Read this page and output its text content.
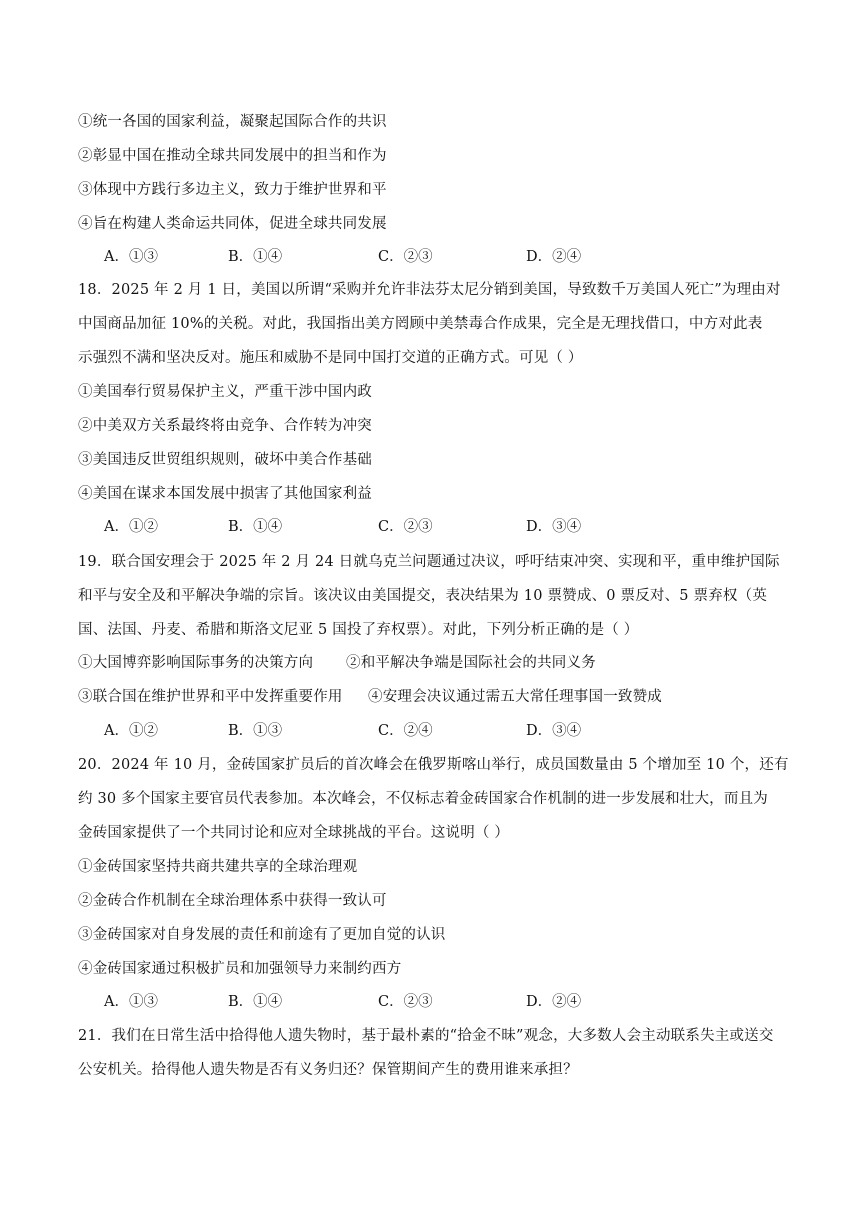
①统一各国的国家利益，凝聚起国际合作的共识
②彰显中国在推动全球共同发展中的担当和作为
③体现中方践行多边主义，致力于维护世界和平
④旨在构建人类命运共同体，促进全球共同发展
A．①③	B．①④	C．②③	D．②④
18．2025 年 2 月 1 日，美国以所谓“采购并允许非法芬太尼分销到美国，导致数千万美国人死亡”为理由对
中国商品加征 10%的关税。对此，我国指出美方罔顾中美禁毒合作成果，完全是无理找借口，中方对此表
示强烈不满和坚决反对。施压和威胁不是同中国打交道的正确方式。可见（ ）
①美国奉行贸易保护主义，严重干涉中国内政
②中美双方关系最终将由竞争、合作转为冲突
③美国违反世贸组织规则，破坏中美合作基础
④美国在谋求本国发展中损害了其他国家利益
A．①②	B．①④	C．②③	D．③④
19．联合国安理会于 2025 年 2 月 24 日就乌克兰问题通过决议，呼吁结束冲突、实现和平，重申维护国际
和平与安全及和平解决争端的宗旨。该决议由美国提交，表决结果为 10 票赞成、0 票反对、5 票弃权（英
国、法国、丹麦、希腊和斯洛文尼亚 5 国投了弃权票）。对此，下列分析正确的是（ ）
①大国博弈影响国际事务的决策方向 ②和平解决争端是国际社会的共同义务
③联合国在维护世界和平中发挥重要作用 ④安理会决议通过需五大常任理事国一致赞成
A．①②	B．①③	C．②④	D．③④
20．2024 年 10 月，金砖国家扩员后的首次峰会在俄罗斯喀山举行，成员国数量由 5 个增加至 10 个，还有
约 30 多个国家主要官员代表参加。本次峰会，不仅标志着金砖国家合作机制的进一步发展和壮大，而且为
金砖国家提供了一个共同讨论和应对全球挑战的平台。这说明（ ）
①金砖国家坚持共商共建共享的全球治理观
②金砖合作机制在全球治理体系中获得一致认可
③金砖国家对自身发展的责任和前途有了更加自觉的认识
④金砖国家通过积极扩员和加强领导力来制约西方
A．①③	B．①④	C．②③	D．②④
21．我们在日常生活中拾得他人遗失物时，基于最朴素的“拾金不昧”观念，大多数人会主动联系失主或送交
公安机关。拾得他人遗失物是否有义务归还？保管期间产生的费用谁来承担？
